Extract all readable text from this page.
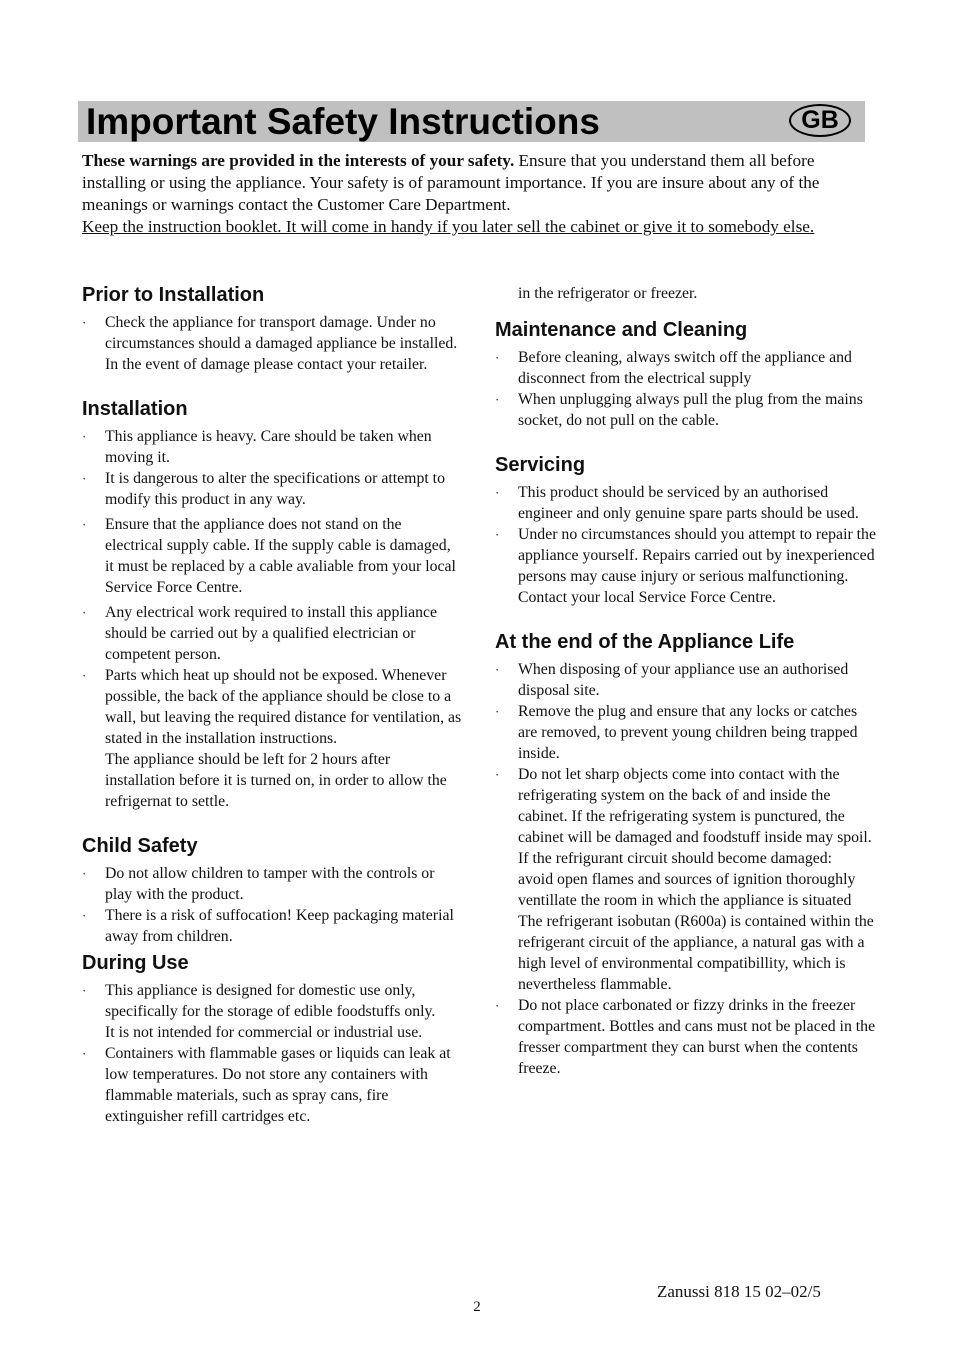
Important Safety Instructions	GB

These warnings are provided in the interests of your safety. Ensure that you understand them all before installing or using the appliance. Your safety is of paramount importance. If you are insure about any of the meanings or warnings contact the Customer Care Department.
Keep the instruction booklet. It will come in handy if you later sell the cabinet or give it to somebody else.

Prior to Installation
· Check the appliance for transport damage. Under no circumstances should a damaged appliance be installed. In the event of damage please contact your retailer.

Installation
· This appliance is heavy. Care should be taken when moving it.

· It is dangerous to alter the specifications or attempt to modify this product in any way.

· Ensure that the appliance does not stand on the electrical supply cable. If the supply cable is damaged, it must be replaced by a cable avaliable from your local Service Force Centre.

· Any electrical work required to install this appliance should be carried out by a qualified electrician or competent person.

· Parts which heat up should not be exposed. Whenever possible, the back of the appliance should be close to a wall, but leaving the required distance for ventilation, as stated in the installation instructions.

The appliance should be left for 2 hours after installation before it is turned on, in order to allow the refrigernat to settle.

Child Safety
· Do not allow children to tamper with the controls or play with the product.

· There is a risk of suffocation! Keep packaging material away from children.

During Use
· This appliance is designed for domestic use only, specifically for the storage of edible foodstuffs only.

It is not intended for commercial or industrial use.

· Containers with flammable gases or liquids can leak at low temperatures. Do not store any containers with flammable materials, such as spray cans, fire extinguisher refill cartridges etc.

in the refrigerator or freezer.

Maintenance and Cleaning
· Before cleaning, always switch off the appliance and disconnect from the electrical supply

· When unplugging always pull the plug from the mains socket, do not pull on the cable.

Servicing
· This product should be serviced by an authorised engineer and only genuine spare parts should be used.

· Under no circumstances should you attempt to repair the appliance yourself. Repairs carried out by inexperienced persons may cause injury or serious malfunctioning. Contact your local Service Force Centre.

At the end of the Appliance Life
· When disposing of your appliance use an authorised disposal site.

· Remove the plug and ensure that any locks or catches are removed, to prevent young children being trapped inside.

· Do not let sharp objects come into contact with the refrigerating system on the back of and inside the cabinet. If the refrigerating system is punctured, the cabinet will be damaged and foodstuff inside may spoil.

If the refrigurant circuit should become damaged:

avoid open flames and sources of ignition thoroughly ventillate the room in which the appliance is situated

The refrigerant isobutan (R600a) is contained within the refrigerant circuit of the appliance, a natural gas with a high level of environmental compatibillity, which is nevertheless flammable.

· Do not place carbonated or fizzy drinks in the freezer compartment. Bottles and cans must not be placed in the fresser compartment they can burst when the contents freeze.

Zanussi 818 15 02–02/5
2
